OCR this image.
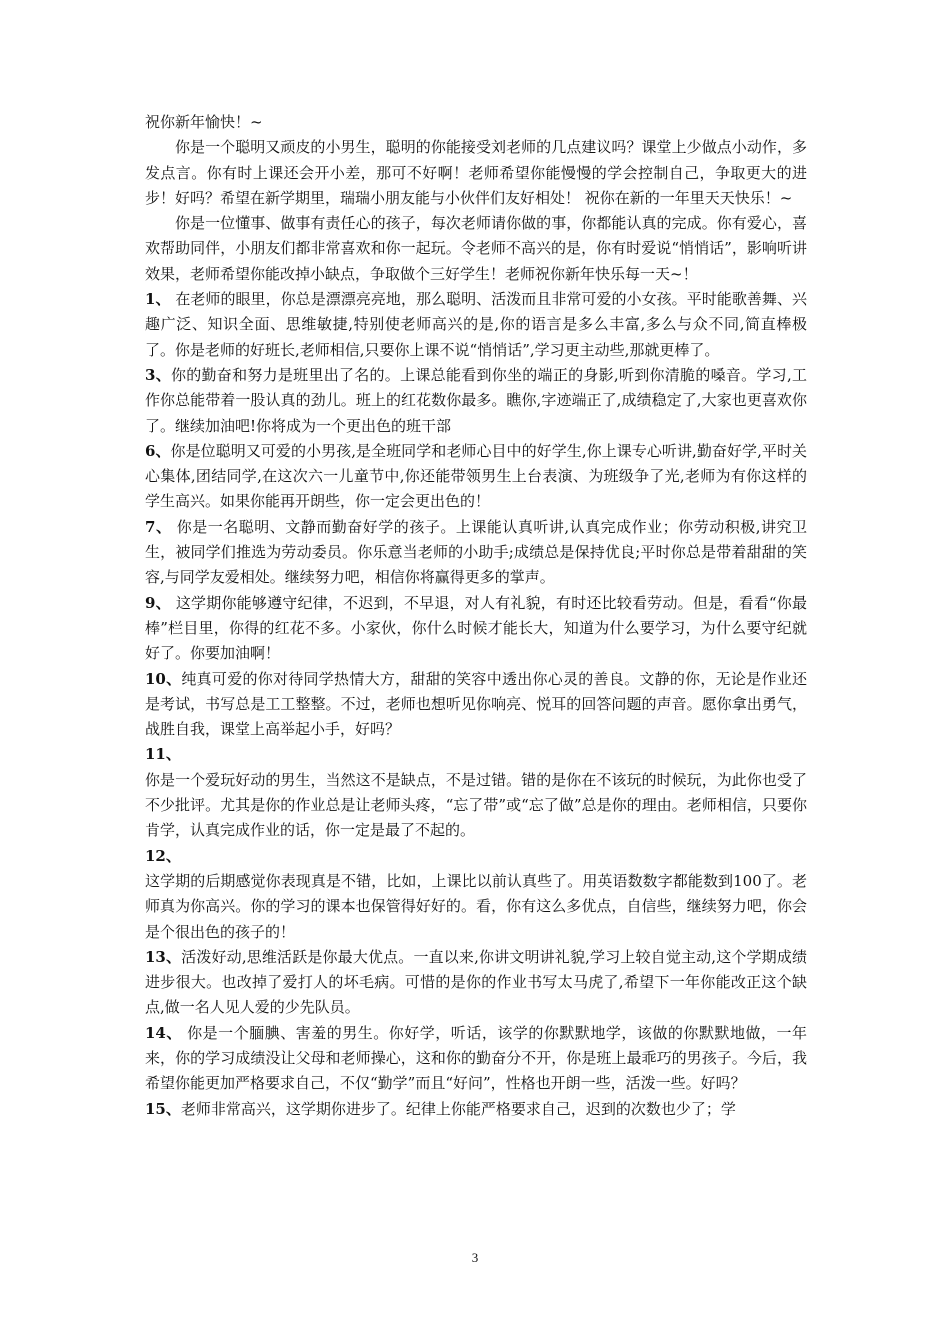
祝你新年愉快！~

你是一个聪明又顽皮的小男生，聪明的你能接受刘老师的几点建议吗？课堂上少做点小动作，多发点言。你有时上课还会开小差，那可不好啊！老师希望你能慢慢的学会控制自己，争取更大的进步！好吗？希望在新学期里，瑞瑞小朋友能与小伙伴们友好相处！ 祝你在新的一年里天天快乐！~

你是一位懂事、做事有责任心的孩子，每次老师请你做的事，你都能认真的完成。你有爱心，喜欢帮助同伴，小朋友们都非常喜欢和你一起玩。令老师不高兴的是，你有时爱说“悄悄话”，影响听讲效果，老师希望你能改掉小缺点，争取做个三好学生！老师祝你新年快乐每一天~！

1、 在老师的眼里，你总是漂漂亮亮地，那么聪明、活泼而且非常可爱的小女孩。平时能歌善舞、兴趣广泛、知识全面、思维敏捷,特别使老师高兴的是,你的语言是多么丰富,多么与众不同,简直棒极了。你是老师的好班长,老师相信,只要你上课不说“悄悄话”,学习更主动些,那就更棒了。

3、你的勤奋和努力是班里出了名的。上课总能看到你坐的端正的身影,听到你清脆的嗓音。学习,工作你总能带着一股认真的劲儿。班上的红花数你最多。瞧你,字迹端正了,成绩稳定了,大家也更喜欢你了。继续加油吧!你将成为一个更出色的班干部

6、你是位聪明又可爱的小男孩,是全班同学和老师心目中的好学生,你上课专心听讲,勤奋好学,平时关心集体,团结同学,在这次六一儿童节中,你还能带领男生上台表演、为班级争了光,老师为有你这样的学生高兴。如果你能再开朗些，你一定会更出色的！

7、 你是一名聪明、文静而勤奋好学的孩子。上课能认真听讲,认真完成作业；你劳动积极,讲究卫生，被同学们推选为劳动委员。你乐意当老师的小助手;成绩总是保持优良;平时你总是带着甜甜的笑容,与同学友爱相处。继续努力吧，相信你将赢得更多的掌声。

9、 这学期你能够遵守纪律，不迟到，不早退，对人有礼貌，有时还比较看劳动。但是，看看“你最棒”栏目里，你得的红花不多。小家伙，你什么时候才能长大，知道为什么要学习，为什么要守纪就好了。你要加油啊！

10、纯真可爱的你对待同学热情大方，甜甜的笑容中透出你心灵的善良。文静的你，无论是作业还是考试，书写总是工工整整。不过，老师也想听见你响亮、悦耳的回答问题的声音。愿你拿出勇气，战胜自我，课堂上高举起小手，好吗？

11、

你是一个爱玩好动的男生，当然这不是缺点，不是过错。错的是你在不该玩的时候玩，为此你也受了不少批评。尤其是你的作业总是让老师头疼，“忘了带”或“忘了做”总是你的理由。老师相信，只要你肯学，认真完成作业的话，你一定是最了不起的。

12、

这学期的后期感觉你表现真是不错，比如，上课比以前认真些了。用英语数数字都能数到100了。老师真为你高兴。你的学习的课本也保管得好好的。看，你有这么多优点，自信些，继续努力吧，你会是个很出色的孩子的！

13、活泼好动,思维活跃是你最大优点。一直以来,你讲文明讲礼貌,学习上较自觉主动,这个学期成绩进步很大。也改掉了爱打人的坏毛病。可惜的是你的作业书写太马虎了,希望下一年你能改正这个缺点,做一名人见人爱的少先队员。

14、 你是一个腼腆、害羞的男生。你好学，听话，该学的你默默地学，该做的你默默地做，一年来，你的学习成绩没让父母和老师操心，这和你的勤奋分不开，你是班上最乖巧的男孩子。今后，我希望你能更加严格要求自己，不仅“勤学”而且“好问”，性格也开朗一些，活泼一些。好吗？

15、老师非常高兴，这学期你进步了。纪律上你能严格要求自己，迟到的次数也少了；学

3
